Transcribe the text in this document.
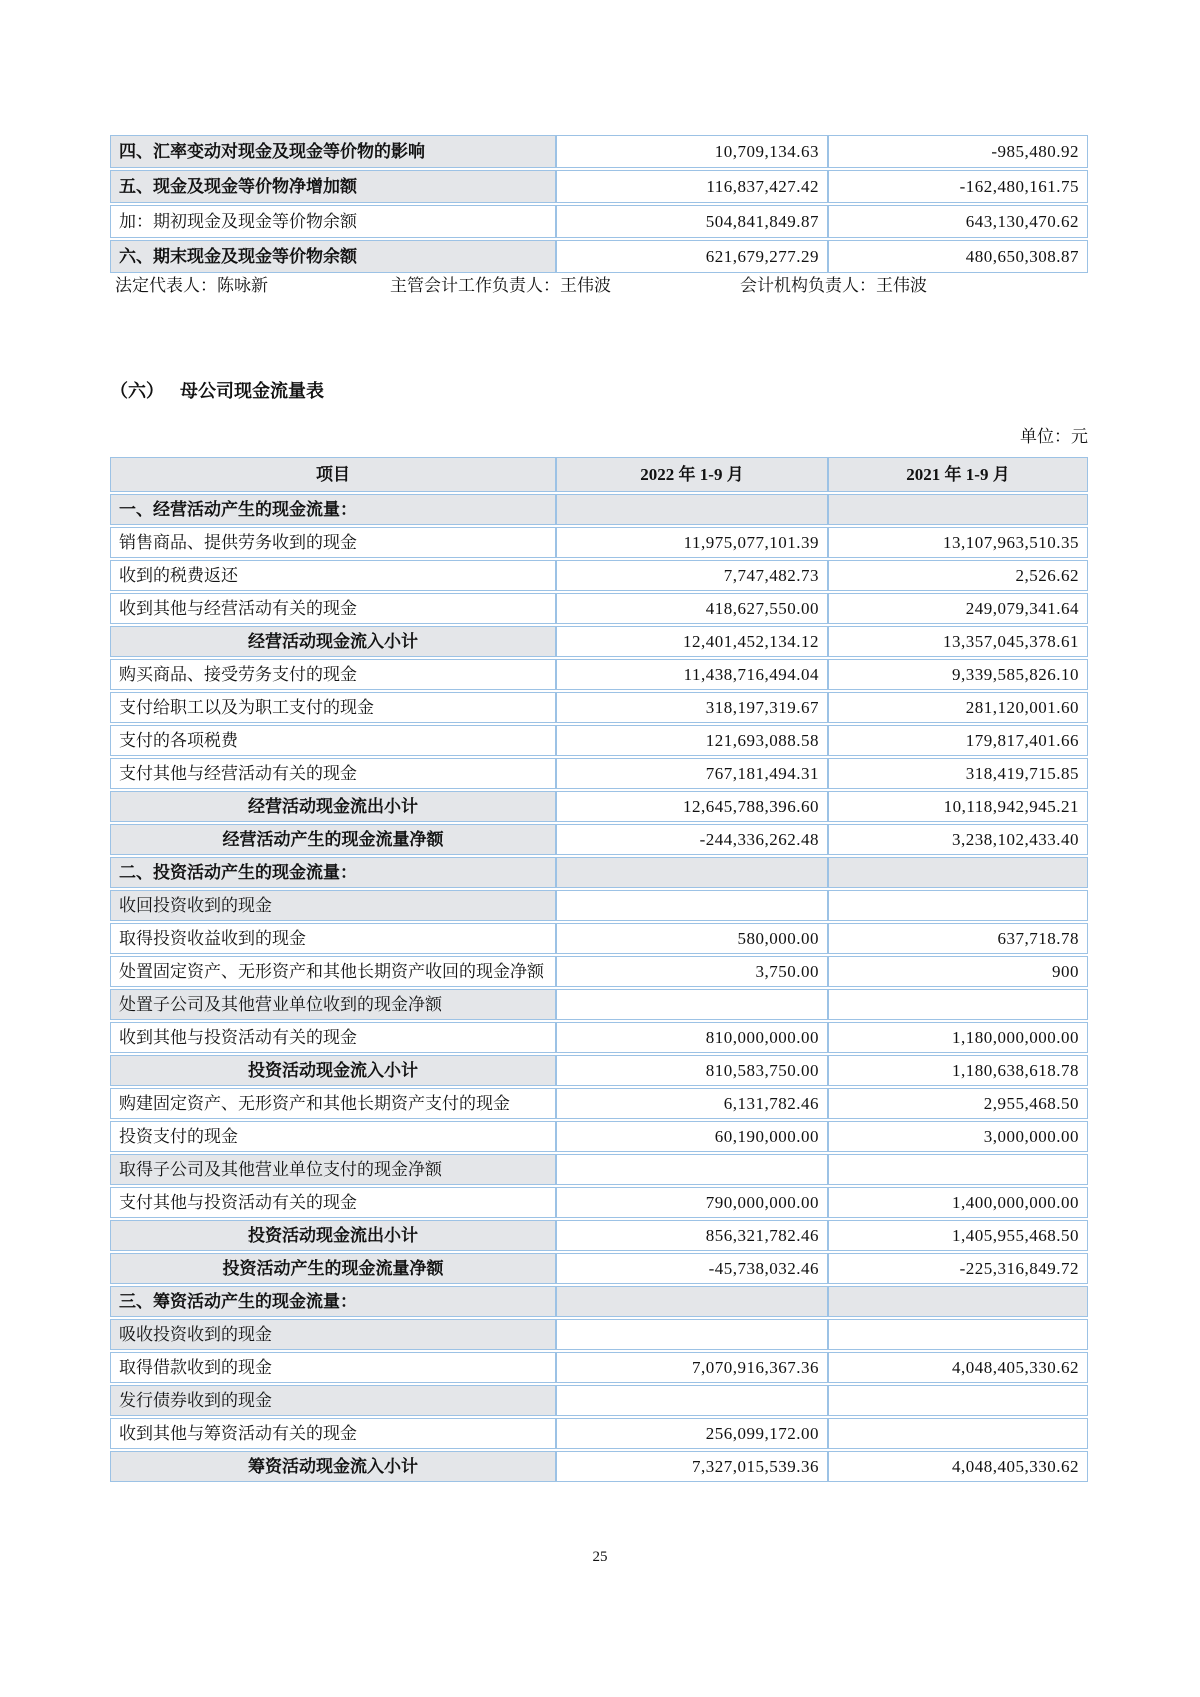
四、汇率变动对现金及现金等价物的影响	10,709,134.63	-985,480.92
五、现金及现金等价物净增加额	116,837,427.42	-162,480,161.75
加：期初现金及现金等价物余额	504,841,849.87	643,130,470.62
六、期末现金及现金等价物余额	621,679,277.29	480,650,308.87
法定代表人：陈咏新	主管会计工作负责人：王伟波	会计机构负责人：王伟波
（六） 母公司现金流量表
单位：元
项目	2022 年 1-9 月	2021 年 1-9 月
一、经营活动产生的现金流量：		
销售商品、提供劳务收到的现金	11,975,077,101.39	13,107,963,510.35
收到的税费返还	7,747,482.73	2,526.62
收到其他与经营活动有关的现金	418,627,550.00	249,079,341.64
经营活动现金流入小计	12,401,452,134.12	13,357,045,378.61
购买商品、接受劳务支付的现金	11,438,716,494.04	9,339,585,826.10
支付给职工以及为职工支付的现金	318,197,319.67	281,120,001.60
支付的各项税费	121,693,088.58	179,817,401.66
支付其他与经营活动有关的现金	767,181,494.31	318,419,715.85
经营活动现金流出小计	12,645,788,396.60	10,118,942,945.21
经营活动产生的现金流量净额	-244,336,262.48	3,238,102,433.40
二、投资活动产生的现金流量：		
收回投资收到的现金		
取得投资收益收到的现金	580,000.00	637,718.78
处置固定资产、无形资产和其他长期资产收回的现金净额	3,750.00	900
处置子公司及其他营业单位收到的现金净额		
收到其他与投资活动有关的现金	810,000,000.00	1,180,000,000.00
投资活动现金流入小计	810,583,750.00	1,180,638,618.78
购建固定资产、无形资产和其他长期资产支付的现金	6,131,782.46	2,955,468.50
投资支付的现金	60,190,000.00	3,000,000.00
取得子公司及其他营业单位支付的现金净额		
支付其他与投资活动有关的现金	790,000,000.00	1,400,000,000.00
投资活动现金流出小计	856,321,782.46	1,405,955,468.50
投资活动产生的现金流量净额	-45,738,032.46	-225,316,849.72
三、筹资活动产生的现金流量：		
吸收投资收到的现金		
取得借款收到的现金	7,070,916,367.36	4,048,405,330.62
发行债券收到的现金		
收到其他与筹资活动有关的现金	256,099,172.00	
筹资活动现金流入小计	7,327,015,539.36	4,048,405,330.62
25
